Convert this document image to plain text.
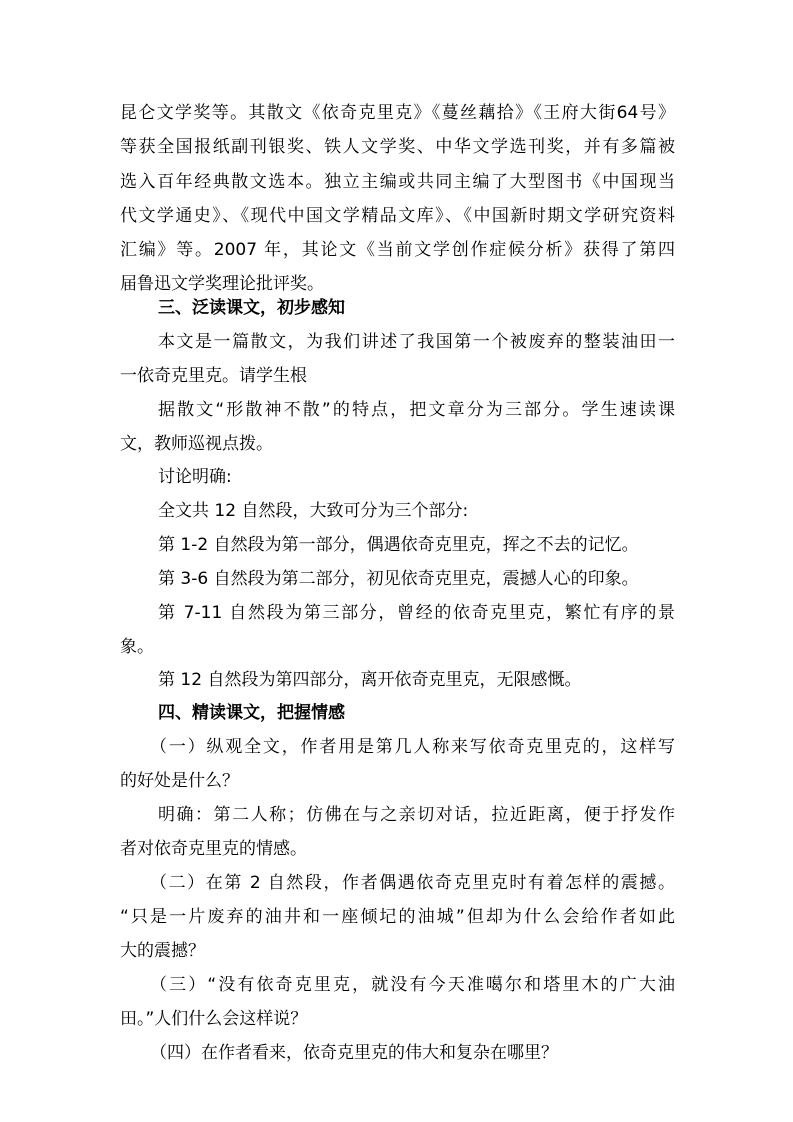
昆仑文学奖等。其散文《依奇克里克》《蔓丝藕拾》《王府大街64号》
等获全国报纸副刊银奖、铁人文学奖、中华文学选刊奖，并有多篇被
选入百年经典散文选本。独立主编或共同主编了大型图书《中国现当
代文学通史》、《现代中国文学精品文库》、《中国新时期文学研究资料
汇编》等。2007 年，其论文《当前文学创作症候分析》获得了第四
届鲁迅文学奖理论批评奖。
三、泛读课文，初步感知
本文是一篇散文，为我们讲述了我国第一个被废弃的整装油田一
一依奇克里克。请学生根
据散文“形散神不散”的特点，把文章分为三部分。学生速读课
文，教师巡视点拨。
讨论明确:
全文共 12 自然段，大致可分为三个部分:
第 1-2 自然段为第一部分，偶遇依奇克里克，挥之不去的记忆。
第 3-6 自然段为第二部分，初见依奇克里克，震撼人心的印象。
第 7-11 自然段为第三部分，曾经的依奇克里克，繁忙有序的景
象。
第 12 自然段为第四部分，离开依奇克里克，无限感慨。
四、精读课文，把握情感
（一）纵观全文，作者用是第几人称来写依奇克里克的，这样写
的好处是什么？
明确：第二人称；仿佛在与之亲切对话，拉近距离，便于抒发作
者对依奇克里克的情感。
（二）在第 2 自然段，作者偶遇依奇克里克时有着怎样的震撼。
“只是一片废弃的油井和一座倾圮的油城”但却为什么会给作者如此
大的震撼？
（三）“没有依奇克里克，就没有今天准噶尔和塔里木的广大油
田。”人们什么会这样说？
（四）在作者看来，依奇克里克的伟大和复杂在哪里？
